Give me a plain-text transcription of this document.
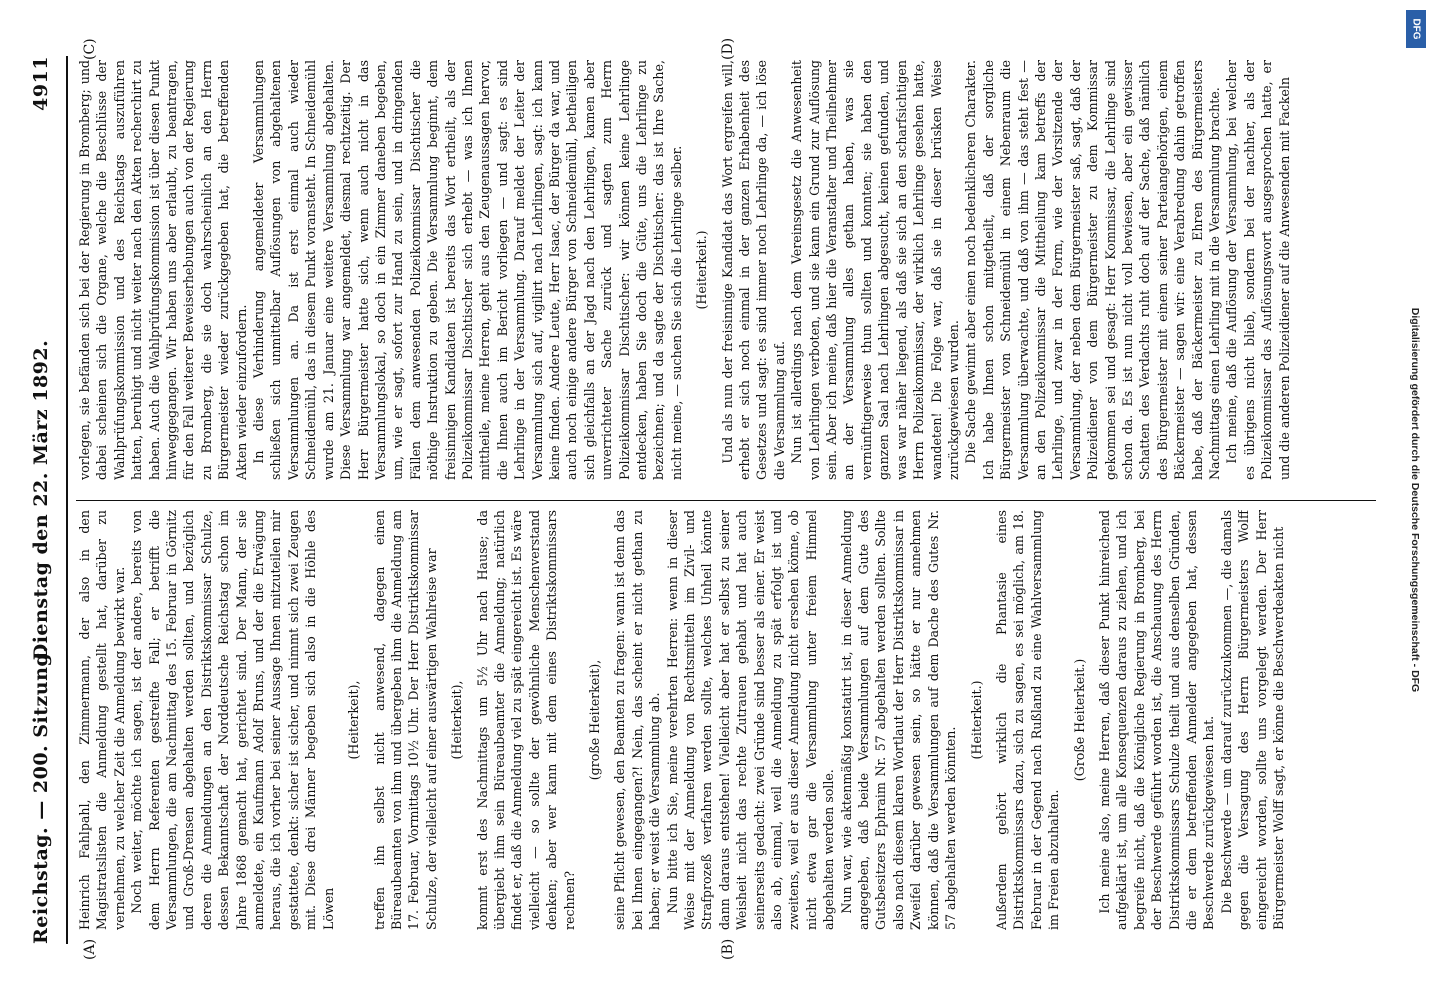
Reichstag. — 200. Sitzung.
Dienstag den 22. März 1892.
4911
(A)	(B)
(C)	(D)

Heinrich Fahlpahl, den Zimmermann, der also in den Magistratslisten die Anmeldung gestellt hat, darüber zu vernehmen, zu welcher Zeit die Anmeldung bewirkt war. Noch weiter, möchte ich sagen, ist der andere, bereits von dem Herrn Referenten gestreifte Fall; er betrifft die Versammlungen, die am Nachmittag des 15. Februar in Görnitz und Groß-Drensen abgehalten werden sollten, und bezüglich deren die Anmeldungen an den Distriktskommissar Schulze, dessen Bekanntschaft der Norddeutsche Reichstag schon im Jahre 1868 gemacht hat, gerichtet sind. Der Mann, der sie anmeldete, ein Kaufmann Adolf Bruns, und der die Erwägung heraus, die ich vorher bei seiner Aussage Ihnen mitzuteilen mir gestattete, denkt: sicher ist sicher, und nimmt sich zwei Zeugen mit. Diese drei Männer begeben sich also in die Höhle des Löwen

(Heiterkeit), treffen ihn selbst nicht anwesend, dagegen einen Büreaubeamten von ihm und übergeben ihm die Anmeldung am 17. Februar, Vormittags 10½ Uhr. Der Herr Distriktskommissar Schulze, der vielleicht auf einer auswärtigen Wahlreise war (Heiterkeit), kommt erst des Nachmittags um 5½ Uhr nach Hause; da übergiebt ihm sein Büreaubeamter die Anmeldung; natürlich findet er, daß die Anmeldung viel zu spät eingereicht ist. Es wäre vielleicht — so sollte der gewöhnliche Menschenverstand denken; aber wer kann mit dem eines Distriktskommissars rechnen?

(große Heiterkeit), seine Pflicht gewesen, den Beamten zu fragen: wann ist denn das bei Ihnen eingegangen?! Nein, das scheint er nicht gethan zu haben; er weist die Versammlung ab. Nun bitte ich Sie, meine verehrten Herren: wenn in dieser Weise mit der Anmeldung von Rechtsmitteln im Zivil- und Strafprozeß verfahren werden sollte, welches Unheil könnte dann daraus entstehen! Vielleicht aber hat er selbst zu seiner Weisheit nicht das rechte Zutrauen gehabt und hat auch seinerseits gedacht: zwei Gründe sind besser als einer. Er weist also ab, einmal, weil die Anmeldung zu spät erfolgt ist und zweitens, weil er aus dieser Anmeldung nicht ersehen könne, ob nicht etwa gar die Versammlung unter freiem Himmel abgehalten werden solle. Nun war, wie aktenmäßig konstatirt ist, in dieser Anmeldung angegeben, daß beide Versammlungen auf dem Gute des Gutsbesitzers Ephraim Nr. 57 abgehalten werden sollten. Sollte also nach diesem klaren Wortlaut der Herr Distriktskommissar in Zweifel darüber gewesen sein, so hätte er nur annehmen können, daß die Versammlungen auf dem Dache des Gutes Nr. 57 abgehalten werden könnten.

(Heiterkeit.) Außerdem gehört wirklich die Phantasie eines Distriktskommissars dazu, sich zu sagen, es sei möglich, am 18. Februar in der Gegend nach Rußland zu eine Wahlversammlung im Freien abzuhalten.

(Große Heiterkeit.) Ich meine also, meine Herren, daß dieser Punkt hinreichend aufgeklärt ist, um alle Konsequenzen daraus zu ziehen, und ich begreife nicht, daß die Königliche Regierung in Bromberg, bei der Beschwerde geführt worden ist, die Anschauung des Herrn Distriktskommissars Schulze theilt und aus denselben Gründen, die er dem betreffenden Anmelder angegeben hat, dessen Beschwerde zurückgewiesen hat. Die Beschwerde — um darauf zurückzukommen —, die damals gegen die Versagung des Herrn Bürgermeisters Wolff eingereicht worden, sollte uns vorgelegt werden. Der Herr Bürgermeister Wolff sagt, er könne die Beschwerdeakten nicht

vorlegen, sie befänden sich bei der Regierung in Bromberg; und dabei scheinen sich die Organe, welche die Beschlüsse der Wahlprüfungskommission und des Reichstags auszuführen hatten, beruhigt und nicht weiter nach den Akten recherchirt zu haben. Auch die Wahlprüfungskommission ist über diesen Punkt hinweggegangen. Wir haben uns aber erlaubt, zu beantragen, für den Fall weiterer Beweiserhebungen auch von der Regierung zu Bromberg, die sie doch wahrscheinlich an den Herrn Bürgermeister wieder zurückgegeben hat, die betreffenden Akten wieder einzufordern. In diese Verhinderung angemeldeter Versammlungen schließen sich unmittelbar Auflösungen von abgehaltenen Versammlungen an. Da ist erst einmal auch wieder Schneidemühl, das in diesem Punkt voransteht. In Schneidemühl wurde am 21. Januar eine weitere Versammlung abgehalten. Diese Versammlung war angemeldet, diesmal rechtzeitig. Der Herr Bürgermeister hatte sich, wenn auch nicht in das Versammlungslokal, so doch in ein Zimmer daneben begeben, um, wie er sagt, sofort zur Hand zu sein, und in dringenden Fällen dem anwesenden Polizeikommissar Dischtischer die nöthige Instruktion zu geben. Die Versammlung beginnt, dem freisinnigen Kandidaten ist bereits das Wort ertheilt, als der Polizeikommissar Dischtischer sich erhebt — was ich Ihnen mittheile, meine Herren, geht aus den Zeugenaussagen hervor, die Ihnen auch im Bericht vorliegen — und sagt: es sind Lehrlinge in der Versammlung. Darauf meldet der Leiter der Versammlung sich auf, vigilirt nach Lehrlingen, sagt: ich kann keine finden. Andere Leute, Herr Isaac, der Bürger da war, und auch noch einige andere Bürger von Schneidemühl, betheiligen sich gleichfalls an der Jagd nach den Lehrlingen, kamen aber unverrichteter Sache zurück und sagten zum Herrn Polizeikommissar Dischtischer: wir können keine Lehrlinge entdecken, haben Sie doch die Güte, uns die Lehrlinge zu bezeichnen; und da sagte der Dischtischer: das ist Ihre Sache, nicht meine, — suchen Sie sich die Lehrlinge selber. (Heiterkeit.) Und als nun der freisinnige Kandidat das Wort ergreifen will, erhebt er sich noch einmal in der ganzen Erhabenheit des Gesetzes und sagt: es sind immer noch Lehrlinge da, — ich löse die Versammlung auf. Nun ist allerdings nach dem Vereinsgesetz die Anwesenheit von Lehrlingen verboten, und sie kann ein Grund zur Auflösung sein. Aber ich meine, daß hier die Veranstalter und Theilnehmer an der Versammlung alles gethan haben, was sie vernünftigerweise thun sollten und konnten; sie haben den ganzen Saal nach Lehrlingen abgesucht, keinen gefunden, und was war näher liegend, als daß sie sich an den scharfsichtigen Herrn Polizeikommissar, der wirklich Lehrlinge gesehen hatte, wandeten! Die Folge war, daß sie in dieser brüsken Weise zurückgewiesen wurden. Die Sache gewinnt aber einen noch bedenklicheren Charakter. Ich habe Ihnen schon mitgetheilt, daß der sorgliche Bürgermeister von Schneidemühl in einem Nebenraum die Versammlung überwachte, und daß von ihm — das steht fest — an den Polizeikommissar die Mittheilung kam betreffs der Lehrlinge, und zwar in der Form, wie der Vorsitzende der Versammlung, der neben dem Bürgermeister saß, sagt, daß der Polizeidiener von dem Bürgermeister zu dem Kommissar gekommen sei und gesagt: Herr Kommissar, die Lehrlinge sind schon da. Es ist nun nicht voll bewiesen, aber ein gewisser Schatten des Verdachts ruht doch auf der Sache, daß nämlich des Bürgermeister mit einem seiner Parteiangehörigen, einem Bäckermeister — sagen wir: eine Verabredung dahin getroffen habe, daß der Bäckermeister zu Ehren des Bürgermeisters Nachmittags einen Lehrling mit in die Versammlung brachte. Ich meine, daß die Auflösung der Versammlung, bei welcher es übrigens nicht blieb, sondern bei der nachher, als der Polizeikommissar das Auflösungswort ausgesprochen hatte, er und die anderen Polizeidiener auf die Anwesenden mit Fackeln

Digitalisierung gefördert durch die Deutsche Forschungsgemeinschaft - DFG
DFG
